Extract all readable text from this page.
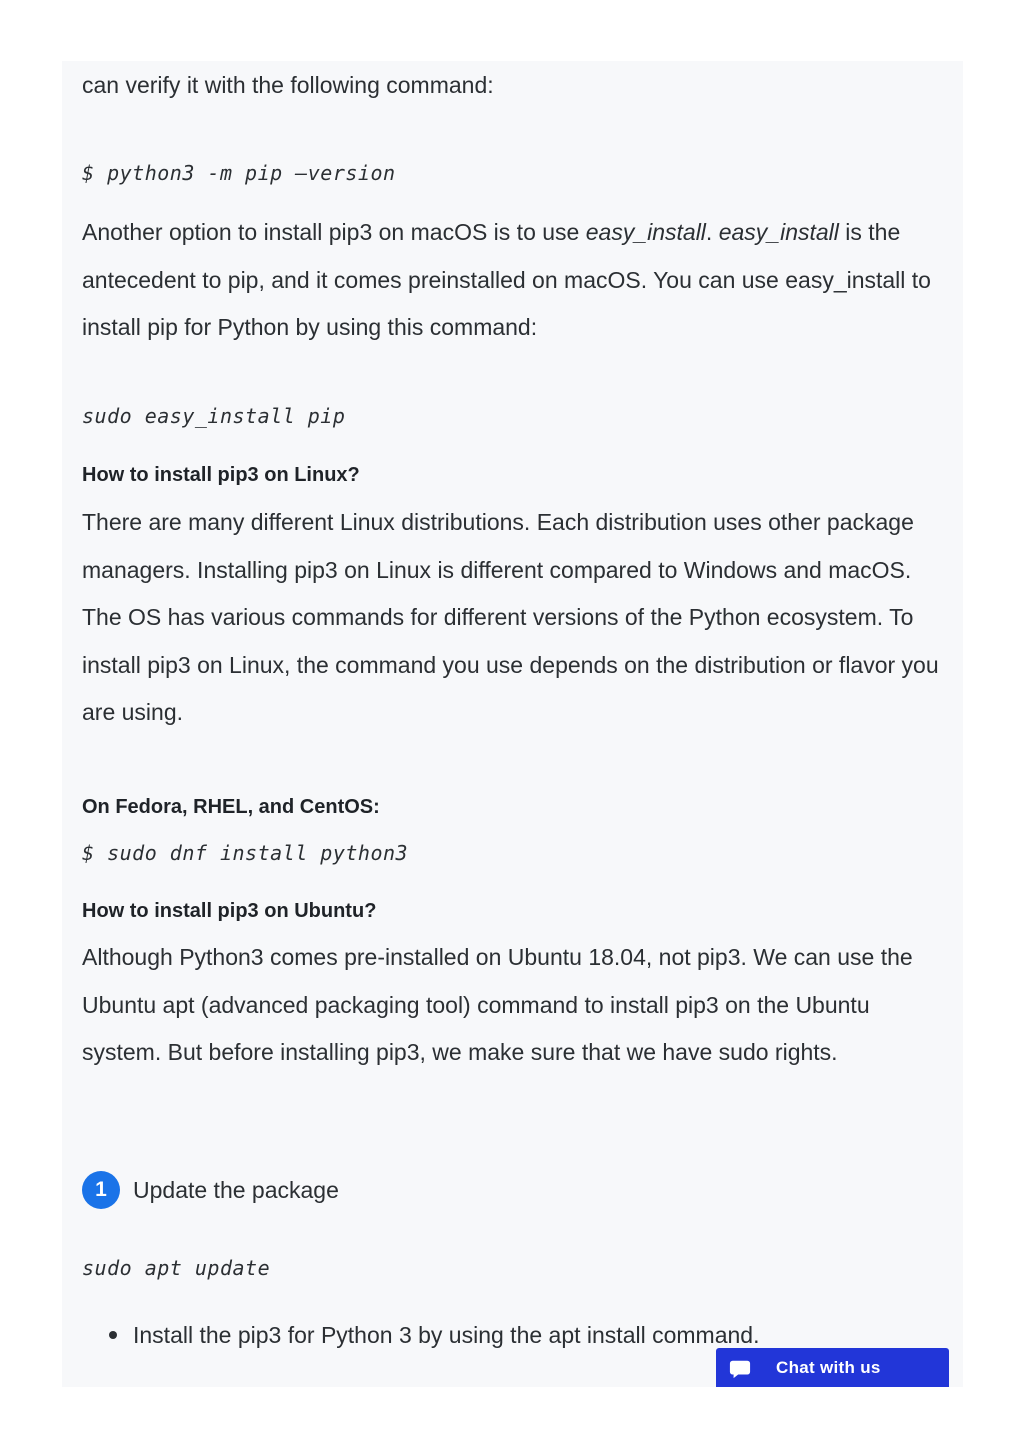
can verify it with the following command:

$ python3 -m pip –version

Another option to install pip3 on macOS is to use easy_install. easy_install is the antecedent to pip, and it comes preinstalled on macOS. You can use easy_install to install pip for Python by using this command:

sudo easy_install pip

How to install pip3 on Linux?

There are many different Linux distributions. Each distribution uses other package managers. Installing pip3 on Linux is different compared to Windows and macOS. The OS has various commands for different versions of the Python ecosystem. To install pip3 on Linux, the command you use depends on the distribution or flavor you are using.

On Fedora, RHEL, and CentOS:

$ sudo dnf install python3

How to install pip3 on Ubuntu?

Although Python3 comes pre-installed on Ubuntu 18.04, not pip3. We can use the Ubuntu apt (advanced packaging tool) command to install pip3 on the Ubuntu system. But before installing pip3, we make sure that we have sudo rights.

1	Update the package

sudo apt update

Install the pip3 for Python 3 by using the apt install command.
Chat with us
